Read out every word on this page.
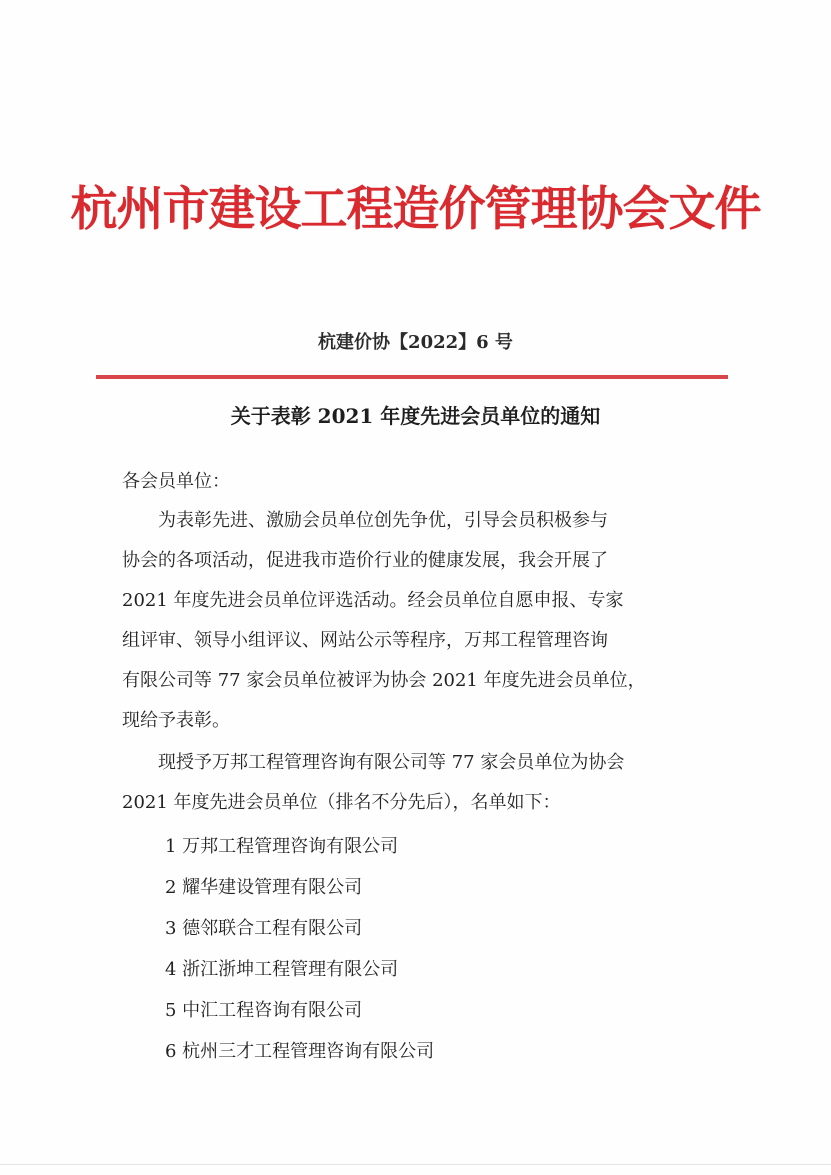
杭州市建设工程造价管理协会文件
杭建价协【2022】6 号
关于表彰 2021 年度先进会员单位的通知
各会员单位：
　　为表彰先进、激励会员单位创先争优，引导会员积极参与
协会的各项活动，促进我市造价行业的健康发展，我会开展了
2021 年度先进会员单位评选活动。经会员单位自愿申报、专家
组评审、领导小组评议、网站公示等程序，万邦工程管理咨询
有限公司等 77 家会员单位被评为协会 2021 年度先进会员单位，
现给予表彰。
　　现授予万邦工程管理咨询有限公司等 77 家会员单位为协会
2021 年度先进会员单位（排名不分先后），名单如下：
1 万邦工程管理咨询有限公司
2 耀华建设管理有限公司
3 德邻联合工程有限公司
4 浙江浙坤工程管理有限公司
5 中汇工程咨询有限公司
6 杭州三才工程管理咨询有限公司
